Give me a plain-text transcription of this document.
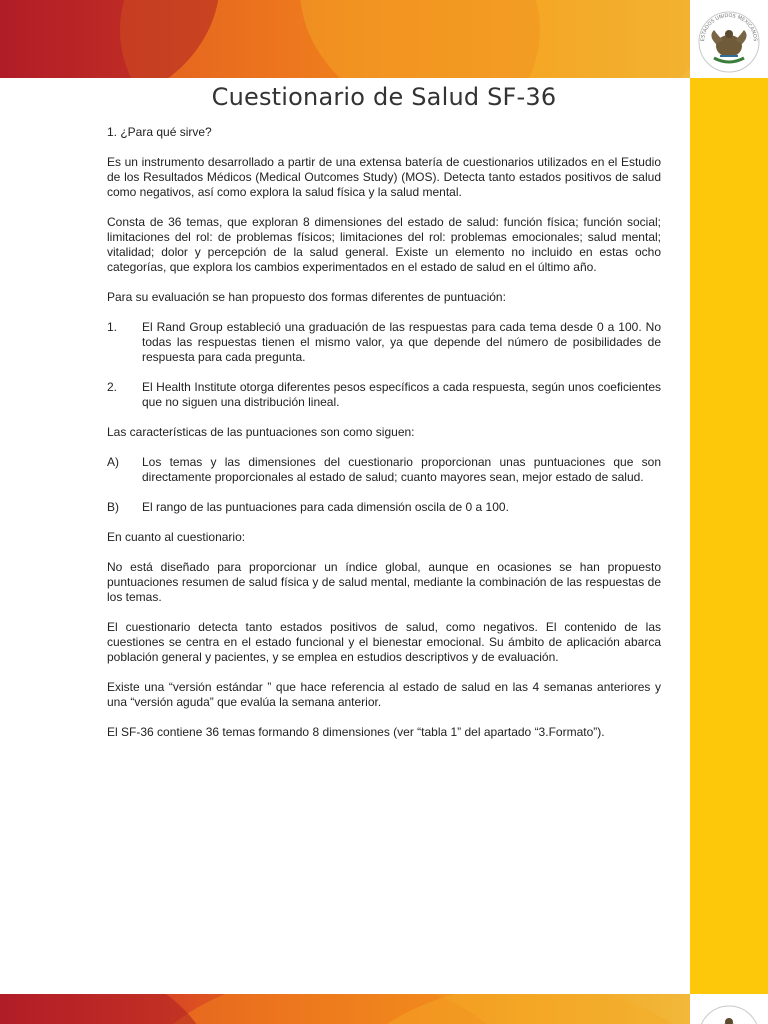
ESTADOS UNIDOS MEXICANOS
Cuestionario de Salud SF-36

1. ¿Para qué sirve?

Es un instrumento desarrollado a partir de una extensa batería de cuestionarios utilizados en el Estudio de los Resultados Médicos (Medical Outcomes Study) (MOS). Detecta tanto estados positivos de salud como negativos, así como explora la salud física y la salud mental.

Consta de 36 temas, que exploran 8 dimensiones del estado de salud: función física; función social; limitaciones del rol: de problemas físicos; limitaciones del rol: problemas emocionales; salud mental; vitalidad; dolor y percepción de la salud general. Existe un elemento no incluido en estas ocho categorías, que explora los cambios experimentados en el estado de salud en el último año.

Para su evaluación se han propuesto dos formas diferentes de puntuación:

1.	El Rand Group estableció una graduación de las respuestas para cada tema desde 0 a 100. No todas las respuestas tienen el mismo valor, ya que depende del número de posibilidades de respuesta para cada pregunta.
2.	El Health Institute otorga diferentes pesos específicos a cada respuesta, según unos coeficientes que no siguen una distribución lineal.

Las características de las puntuaciones son como siguen:

A)	Los temas y las dimensiones del cuestionario proporcionan unas puntuaciones que son directamente proporcionales al estado de salud; cuanto mayores sean, mejor estado de salud.
B)	El rango de las puntuaciones para cada dimensión oscila de 0 a 100.

En cuanto al cuestionario:

No está diseñado para proporcionar un índice global, aunque en ocasiones se han propuesto puntuaciones resumen de salud física y de salud mental, mediante la combinación de las respuestas de los temas.

El cuestionario detecta tanto estados positivos de salud, como negativos. El contenido de las cuestiones se centra en el estado funcional y el bienestar emocional. Su ámbito de aplicación abarca población general y pacientes, y se emplea en estudios descriptivos y de evaluación.

Existe una “versión estándar ” que hace referencia al estado de salud en las 4 semanas anteriores y una “versión aguda” que evalúa la semana anterior.

El SF-36 contiene 36 temas formando 8 dimensiones (ver “tabla 1” del apartado “3.Formato”).
